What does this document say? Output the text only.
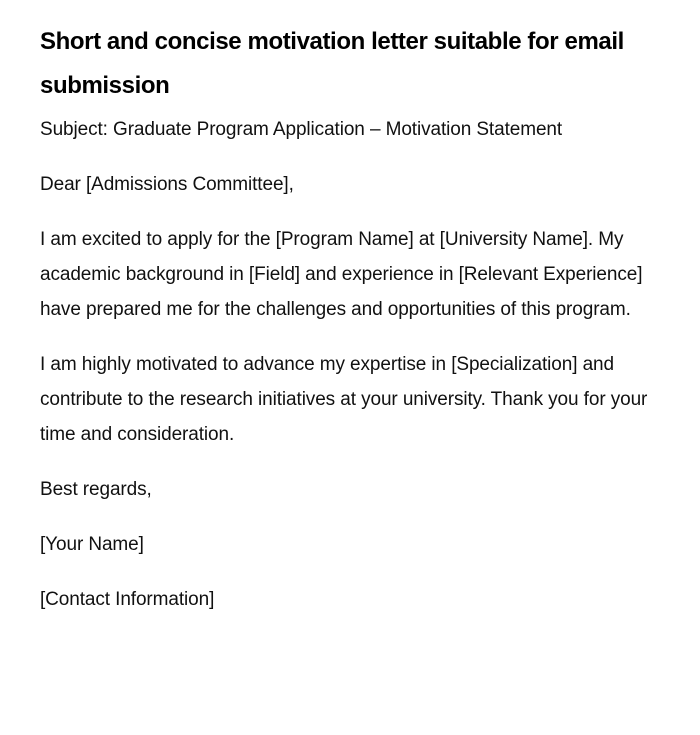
Short and concise motivation letter suitable for email submission

Subject: Graduate Program Application – Motivation Statement

Dear [Admissions Committee],

I am excited to apply for the [Program Name] at [University Name]. My academic background in [Field] and experience in [Relevant Experience] have prepared me for the challenges and opportunities of this program.

I am highly motivated to advance my expertise in [Specialization] and contribute to the research initiatives at your university. Thank you for your time and consideration.

Best regards,

[Your Name]

[Contact Information]
